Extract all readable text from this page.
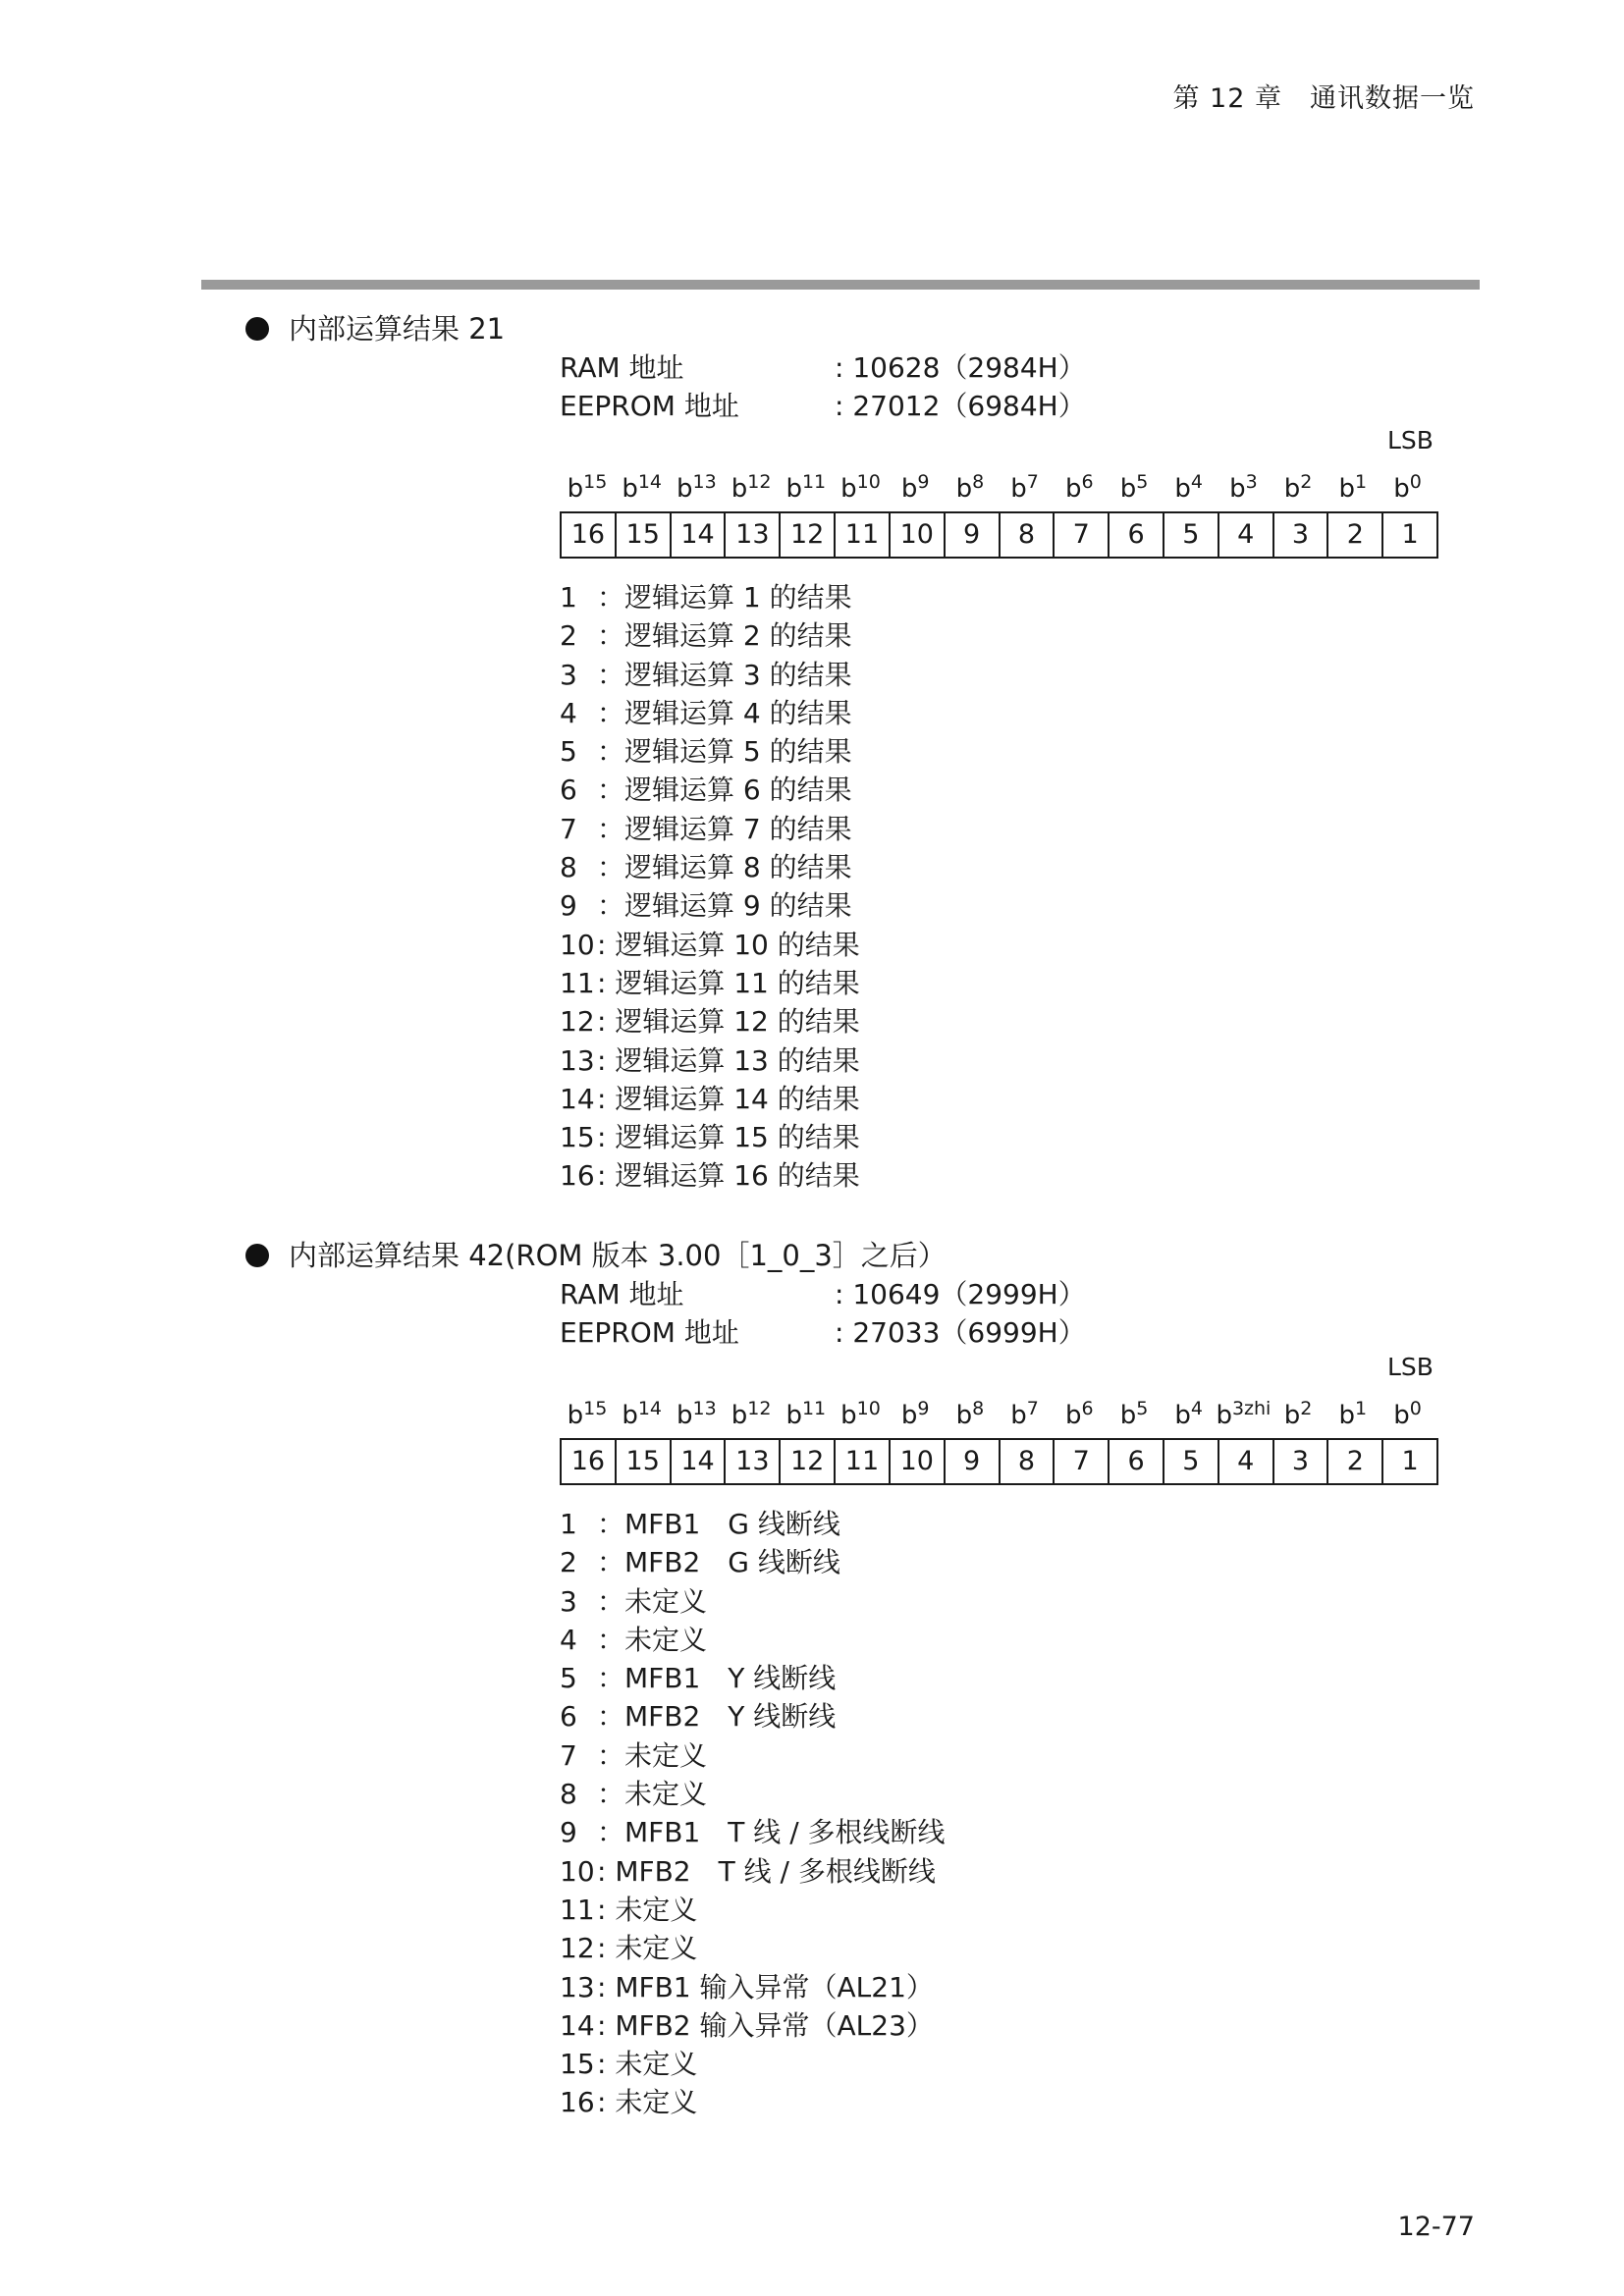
第 12 章　通讯数据一览
内部运算结果 21
RAM 地址	: 10628（2984H）
EEPROM 地址	: 27012（6984H）
LSB
$b^{15}$ $b^{14}$ $b^{13}$ $b^{12}$ $b^{11}$ $b^{10}$ $b^9$	$b^8$	$b^7$	$b^6$	$b^5$	$b^4$	$b^3$	$b^2$	$b^1$	$b^0$
16 15 14 13 12 11 10	9	8	7	6	5	4	3	2	1
1 ：逻辑运算 1 的结果
2 ：逻辑运算 2 的结果
3 ：逻辑运算 3 的结果
4 ：逻辑运算 4 的结果
5 ：逻辑运算 5 的结果
6 ：逻辑运算 6 的结果
7 ：逻辑运算 7 的结果
8 ：逻辑运算 8 的结果
9 ：逻辑运算 9 的结果
10: 逻辑运算 10 的结果
11: 逻辑运算 11 的结果
12: 逻辑运算 12 的结果
13: 逻辑运算 13 的结果
14: 逻辑运算 14 的结果
15: 逻辑运算 15 的结果
16: 逻辑运算 16 的结果
内部运算结果 42(ROM 版本 3.00［1_0_3］之后）
RAM 地址	: 10649（2999H）
EEPROM 地址	: 27033（6999H）
LSB
$b^{15}$ $b^{14}$ $b^{13}$ $b^{12}$ $b^{11}$ $b^{10}$ $b^9$	$b^8$	$b^7$	$b^6$	$b^5$	$b^4$ $b^{3zhi}$ $b^2$	$b^1$	$b^0$
16 15 14 13 12 11 10	9	8	7	6	5	4	3	2	1
1 ：MFB1　G 线断线
2 ：MFB2　G 线断线
3 ：未定义
4 ：未定义
5 ：MFB1　Y 线断线
6 ：MFB2　Y 线断线
7 ：未定义
8 ：未定义
9 ：MFB1　T 线 / 多根线断线
10: MFB2　T 线 / 多根线断线
11: 未定义
12: 未定义
13: MFB1 输入异常（AL21）
14: MFB2 输入异常（AL23）
15: 未定义
16: 未定义
12-77
